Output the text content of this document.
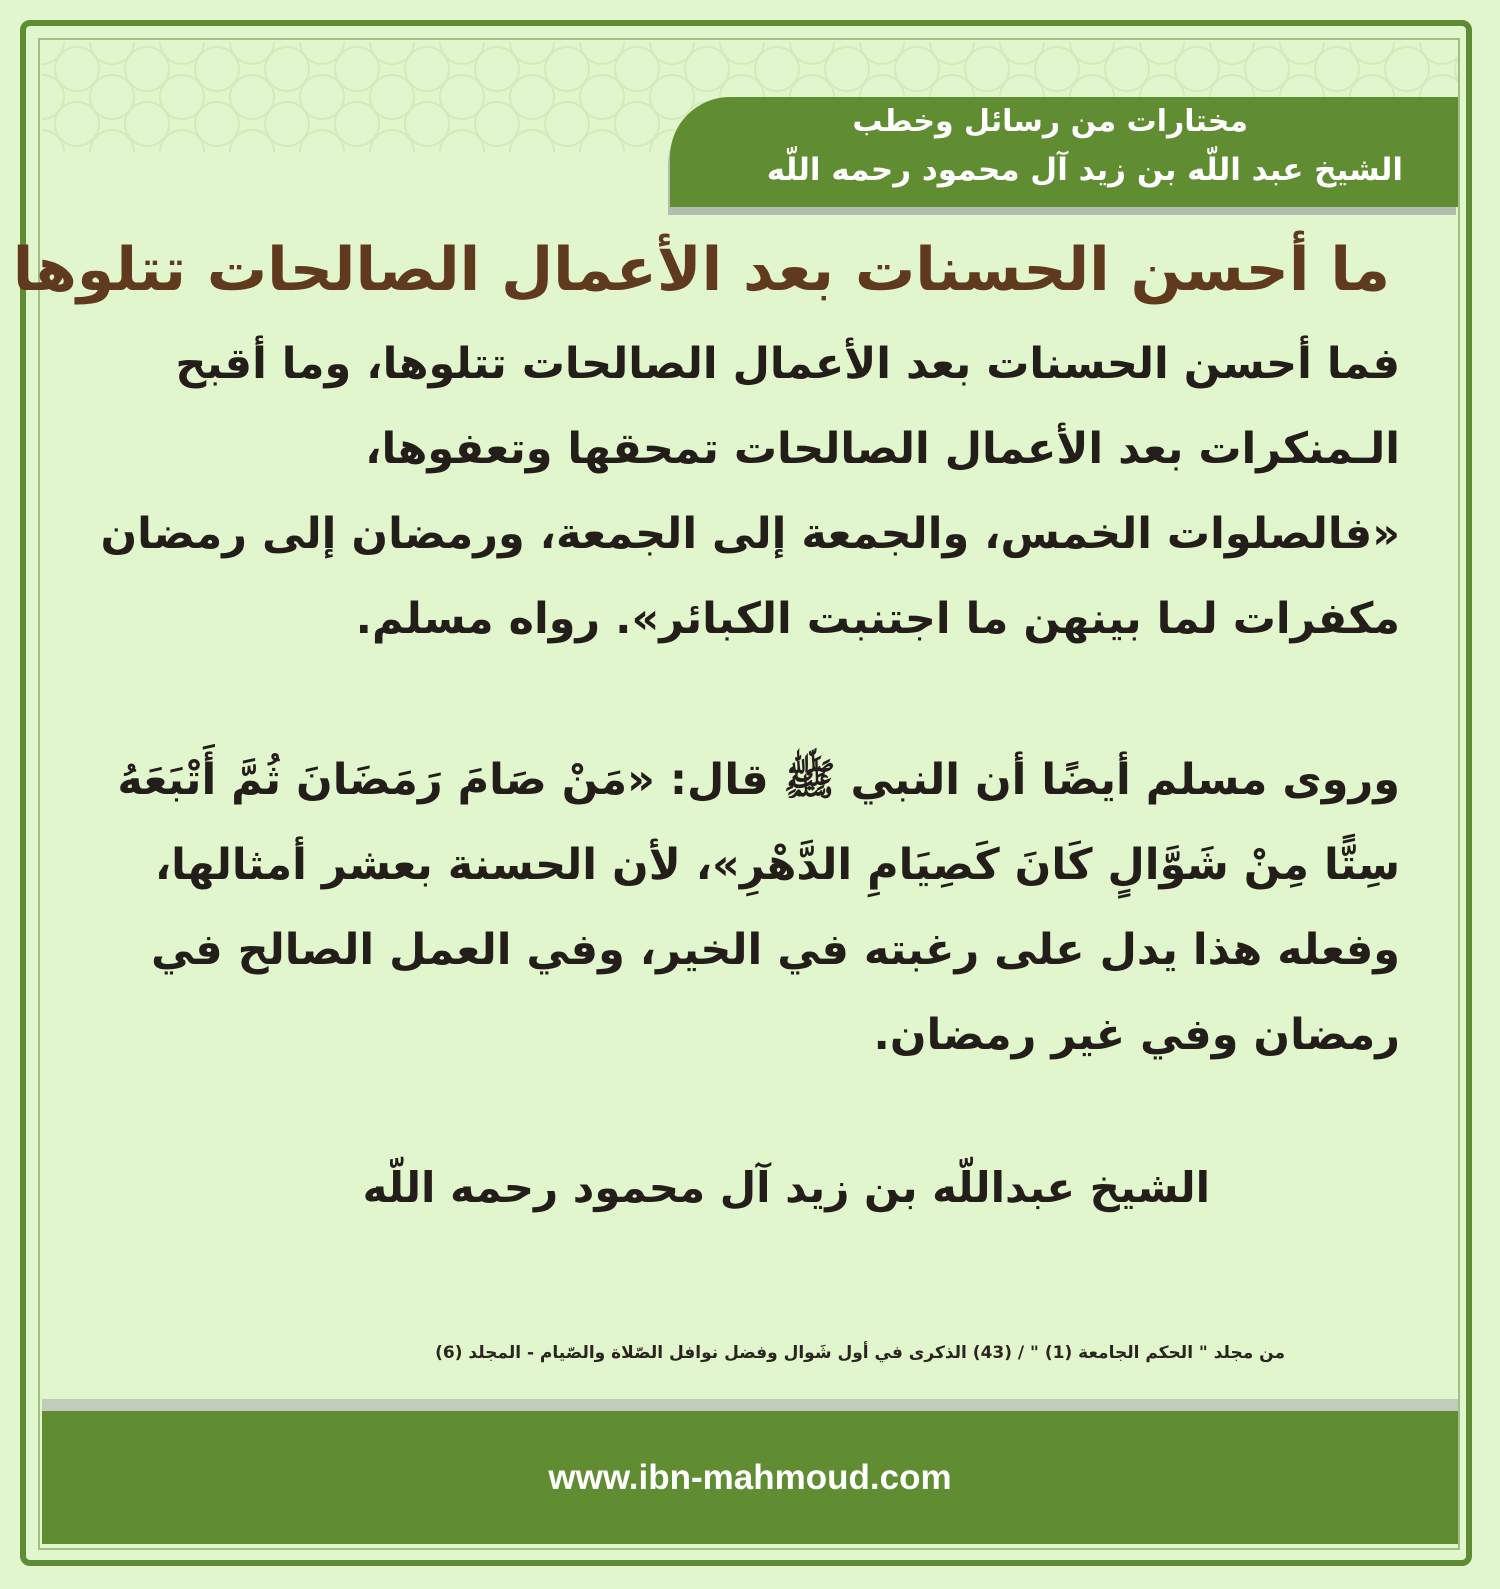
مختارات من رسائل وخطب
الشيخ عبد اللّه بن زيد آل محمود رحمه اللّه
ما أحسن الحسنات بعد الأعمال الصالحات تتلوها
فما أحسن الحسنات بعد الأعمال الصالحات تتلوها، وما أقبح
الـمنكرات بعد الأعمال الصالحات تمحقها وتعفوها،
«فالصلوات الخمس، والجمعة إلى الجمعة، ورمضان إلى رمضان
مكفرات لما بينهن ما اجتنبت الكبائر». رواه مسلم.
وروى مسلم أيضًا أن النبي ﷺ قال: «مَنْ صَامَ رَمَضَانَ ثُمَّ أَتْبَعَهُ
سِتًّا مِنْ شَوَّالٍ كَانَ كَصِيَامِ الدَّهْرِ»، لأن الحسنة بعشر أمثالها،
وفعله هذا يدل على رغبته في الخير، وفي العمل الصالح في
رمضان وفي غير رمضان.
الشيخ عبداللّه بن زيد آل محمود رحمه اللّه
من مجلد " الحكم الجامعة (1) " / (43) الذكرى في أول شَوال وفضل نوافل الصّلاة والصّيام - المجلد (6)
www.ibn-mahmoud.com
